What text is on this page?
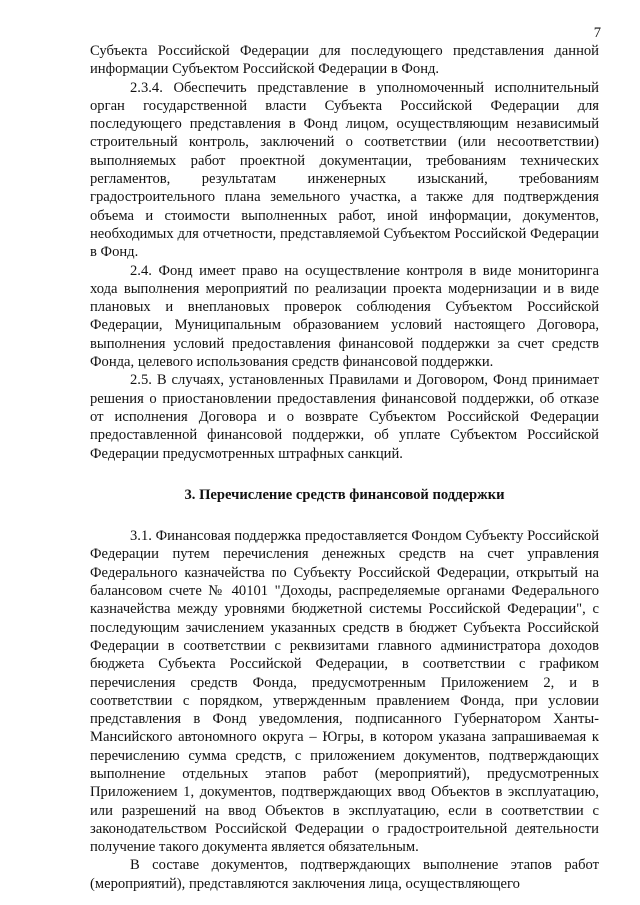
7

Субъекта Российской Федерации для последующего представления данной информации Субъектом Российской Федерации в Фонд.

2.3.4. Обеспечить представление в уполномоченный исполнительный орган государственной власти Субъекта Российской Федерации для последующего представления в Фонд лицом, осуществляющим независимый строительный контроль, заключений о соответствии (или несоответствии) выполняемых работ проектной документации, требованиям технических регламентов, результатам инженерных изысканий, требованиям градостроительного плана земельного участка, а также для подтверждения объема и стоимости выполненных работ, иной информации, документов, необходимых для отчетности, представляемой Субъектом Российской Федерации в Фонд.

2.4. Фонд имеет право на осуществление контроля в виде мониторинга хода выполнения мероприятий по реализации проекта модернизации и в виде плановых и внеплановых проверок соблюдения Субъектом Российской Федерации, Муниципальным образованием условий настоящего Договора, выполнения условий предоставления финансовой поддержки за счет средств Фонда, целевого использования средств финансовой поддержки.

2.5. В случаях, установленных Правилами и Договором, Фонд принимает решения о приостановлении предоставления финансовой поддержки, об отказе от исполнения Договора и о возврате Субъектом Российской Федерации предоставленной финансовой поддержки, об уплате Субъектом Российской Федерации предусмотренных штрафных санкций.

3. Перечисление средств финансовой поддержки

3.1. Финансовая поддержка предоставляется Фондом Субъекту Российской Федерации путем перечисления денежных средств на счет управления Федерального казначейства по Субъекту Российской Федерации, открытый на балансовом счете № 40101 "Доходы, распределяемые органами Федерального казначейства между уровнями бюджетной системы Российской Федерации", с последующим зачислением указанных средств в бюджет Субъекта Российской Федерации в соответствии с реквизитами главного администратора доходов бюджета Субъекта Российской Федерации, в соответствии с графиком перечисления средств Фонда, предусмотренным Приложением 2, и в соответствии с порядком, утвержденным правлением Фонда, при условии представления в Фонд уведомления, подписанного Губернатором Ханты-Мансийского автономного округа – Югры, в котором указана запрашиваемая к перечислению сумма средств, с приложением документов, подтверждающих выполнение отдельных этапов работ (мероприятий), предусмотренных Приложением 1, документов, подтверждающих ввод Объектов в эксплуатацию, или разрешений на ввод Объектов в эксплуатацию, если в соответствии с законодательством Российской Федерации о градостроительной деятельности получение такого документа является обязательным.

В составе документов, подтверждающих выполнение этапов работ (мероприятий), представляются заключения лица, осуществляющего
